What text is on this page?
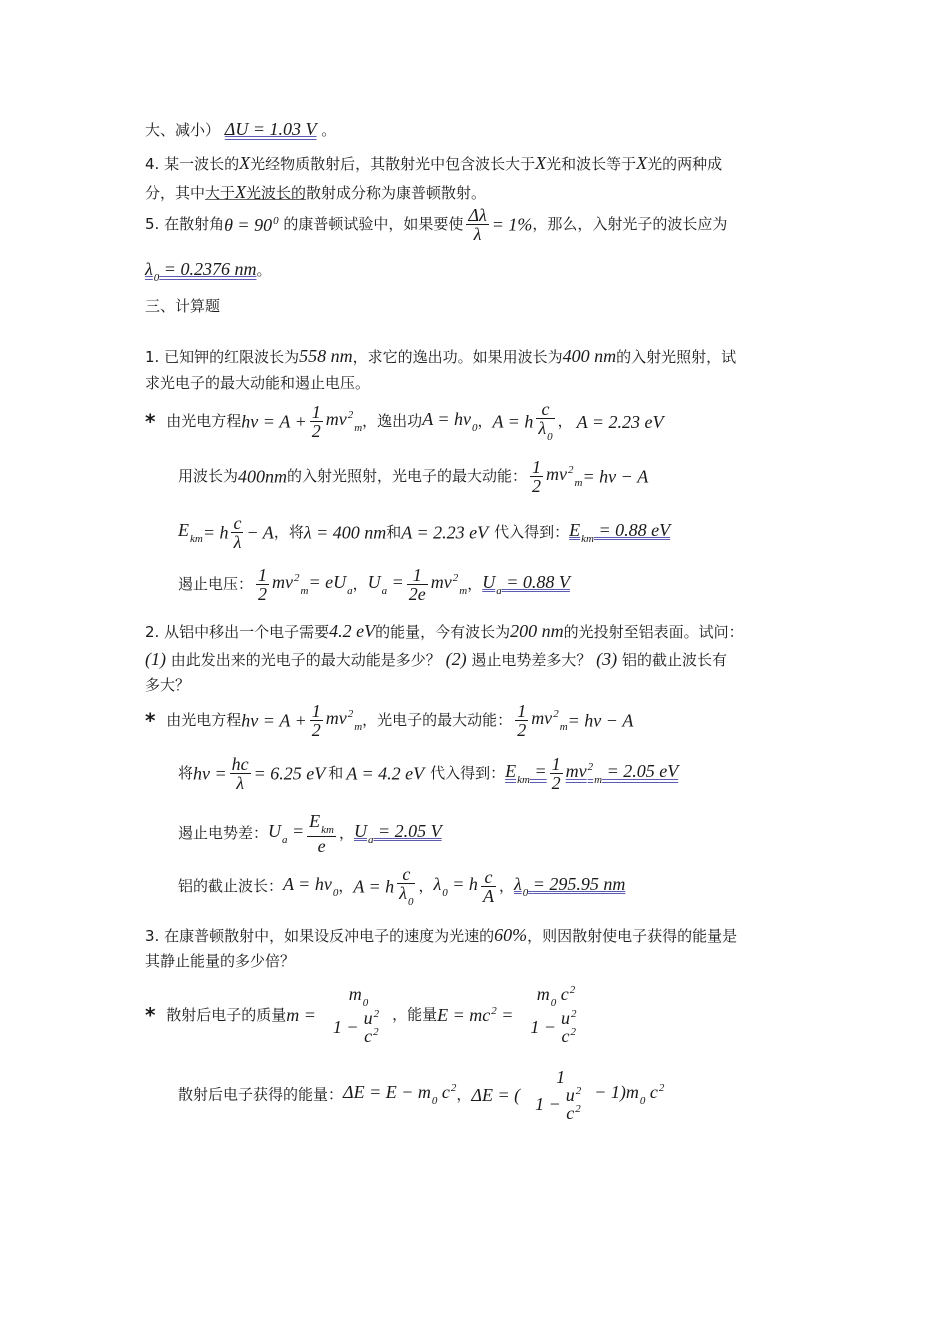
大、减小） ΔU = 1.03 V 。
4. 某一波长的X光经物质散射后，其散射光中包含波长大于X光和波长等于X光的两种成
分，其中大于X光波长的散射成分称为康普顿散射。
5. 在散射角$\theta = 90^0$ 的康普顿试验中，如果要使 $\frac{\Delta\lambda}{\lambda} = 1\%$，那么，入射光子的波长应为
$\lambda_0 = 0.2376$ nm。
三、计算题
1. 已知钾的红限波长为558 nm，求它的逸出功。如果用波长为400 nm的入射光照射，试
求光电子的最大动能和遏止电压。
* 由光电方程$h\nu = A + \frac{1}{2} mv^2_m$，逸出功$A = h\nu_0$，A = h $\frac{c}{\lambda_0}$ ， A = 2.23 eV
用波长为400nm的入射光照射，光电子的最大动能： $\frac{1}{2} mv^2_m= h\nu - A$
$E_{km}= h \frac{c}{\lambda} - A$，将λ = 400 nm和A = 2.23 eV 代入得到：$E_{km} = 0.88$ eV
遏止电压： $\frac{1}{2} mv^2_m= eU_a$，$U_a = \frac{1}{2e} mv^2_m$，$U_a = 0.88$ V
2. 从铝中移出一个电子需要4.2 eV的能量，今有波长为200 nm的光投射至铝表面。试问：
(1) 由此发出来的光电子的最大动能是多少？ (2) 遏止电势差多大？ (3) 铝的截止波长有
多大？
* 由光电方程$h\nu = A + \frac{1}{2} mv^2_m$，光电子的最大动能： $\frac{1}{2} mv^2_m= h\nu - A$
将$h\nu = \frac{hc}{\lambda} = 6.25$ eV 和 A = 4.2 eV 代入得到：$E_{km} = \frac{1}{2} mv^2_m = 2.05$ eV
遏止电势差：$U_a = \frac{E_{km}}{e}$ ，$U_a = 2.05$ V
铝的截止波长：$A = h\nu_0$，A = h $\frac{c}{\lambda_0}$ ，$\lambda_0 = h \frac{c}{A}$ ，$\lambda_0 = 295.95$ nm
3. 在康普顿散射中，如果设反冲电子的速度为光速的60%，则因散射使电子获得的能量是
其静止能量的多少倍？
* 散射后电子的质量m =
$m_0$
$1 - u^2$
$c^2$
，能量$E = mc^2$ =
$m_0$ $c^2$
$1 - u^2$
$c^2$
散射后电子获得的能量：$\Delta E = E - m_0$ $c^2$，ΔE = (
1
$1 - u^2$
$c^2$
− $1)m_0$ $c^2$
